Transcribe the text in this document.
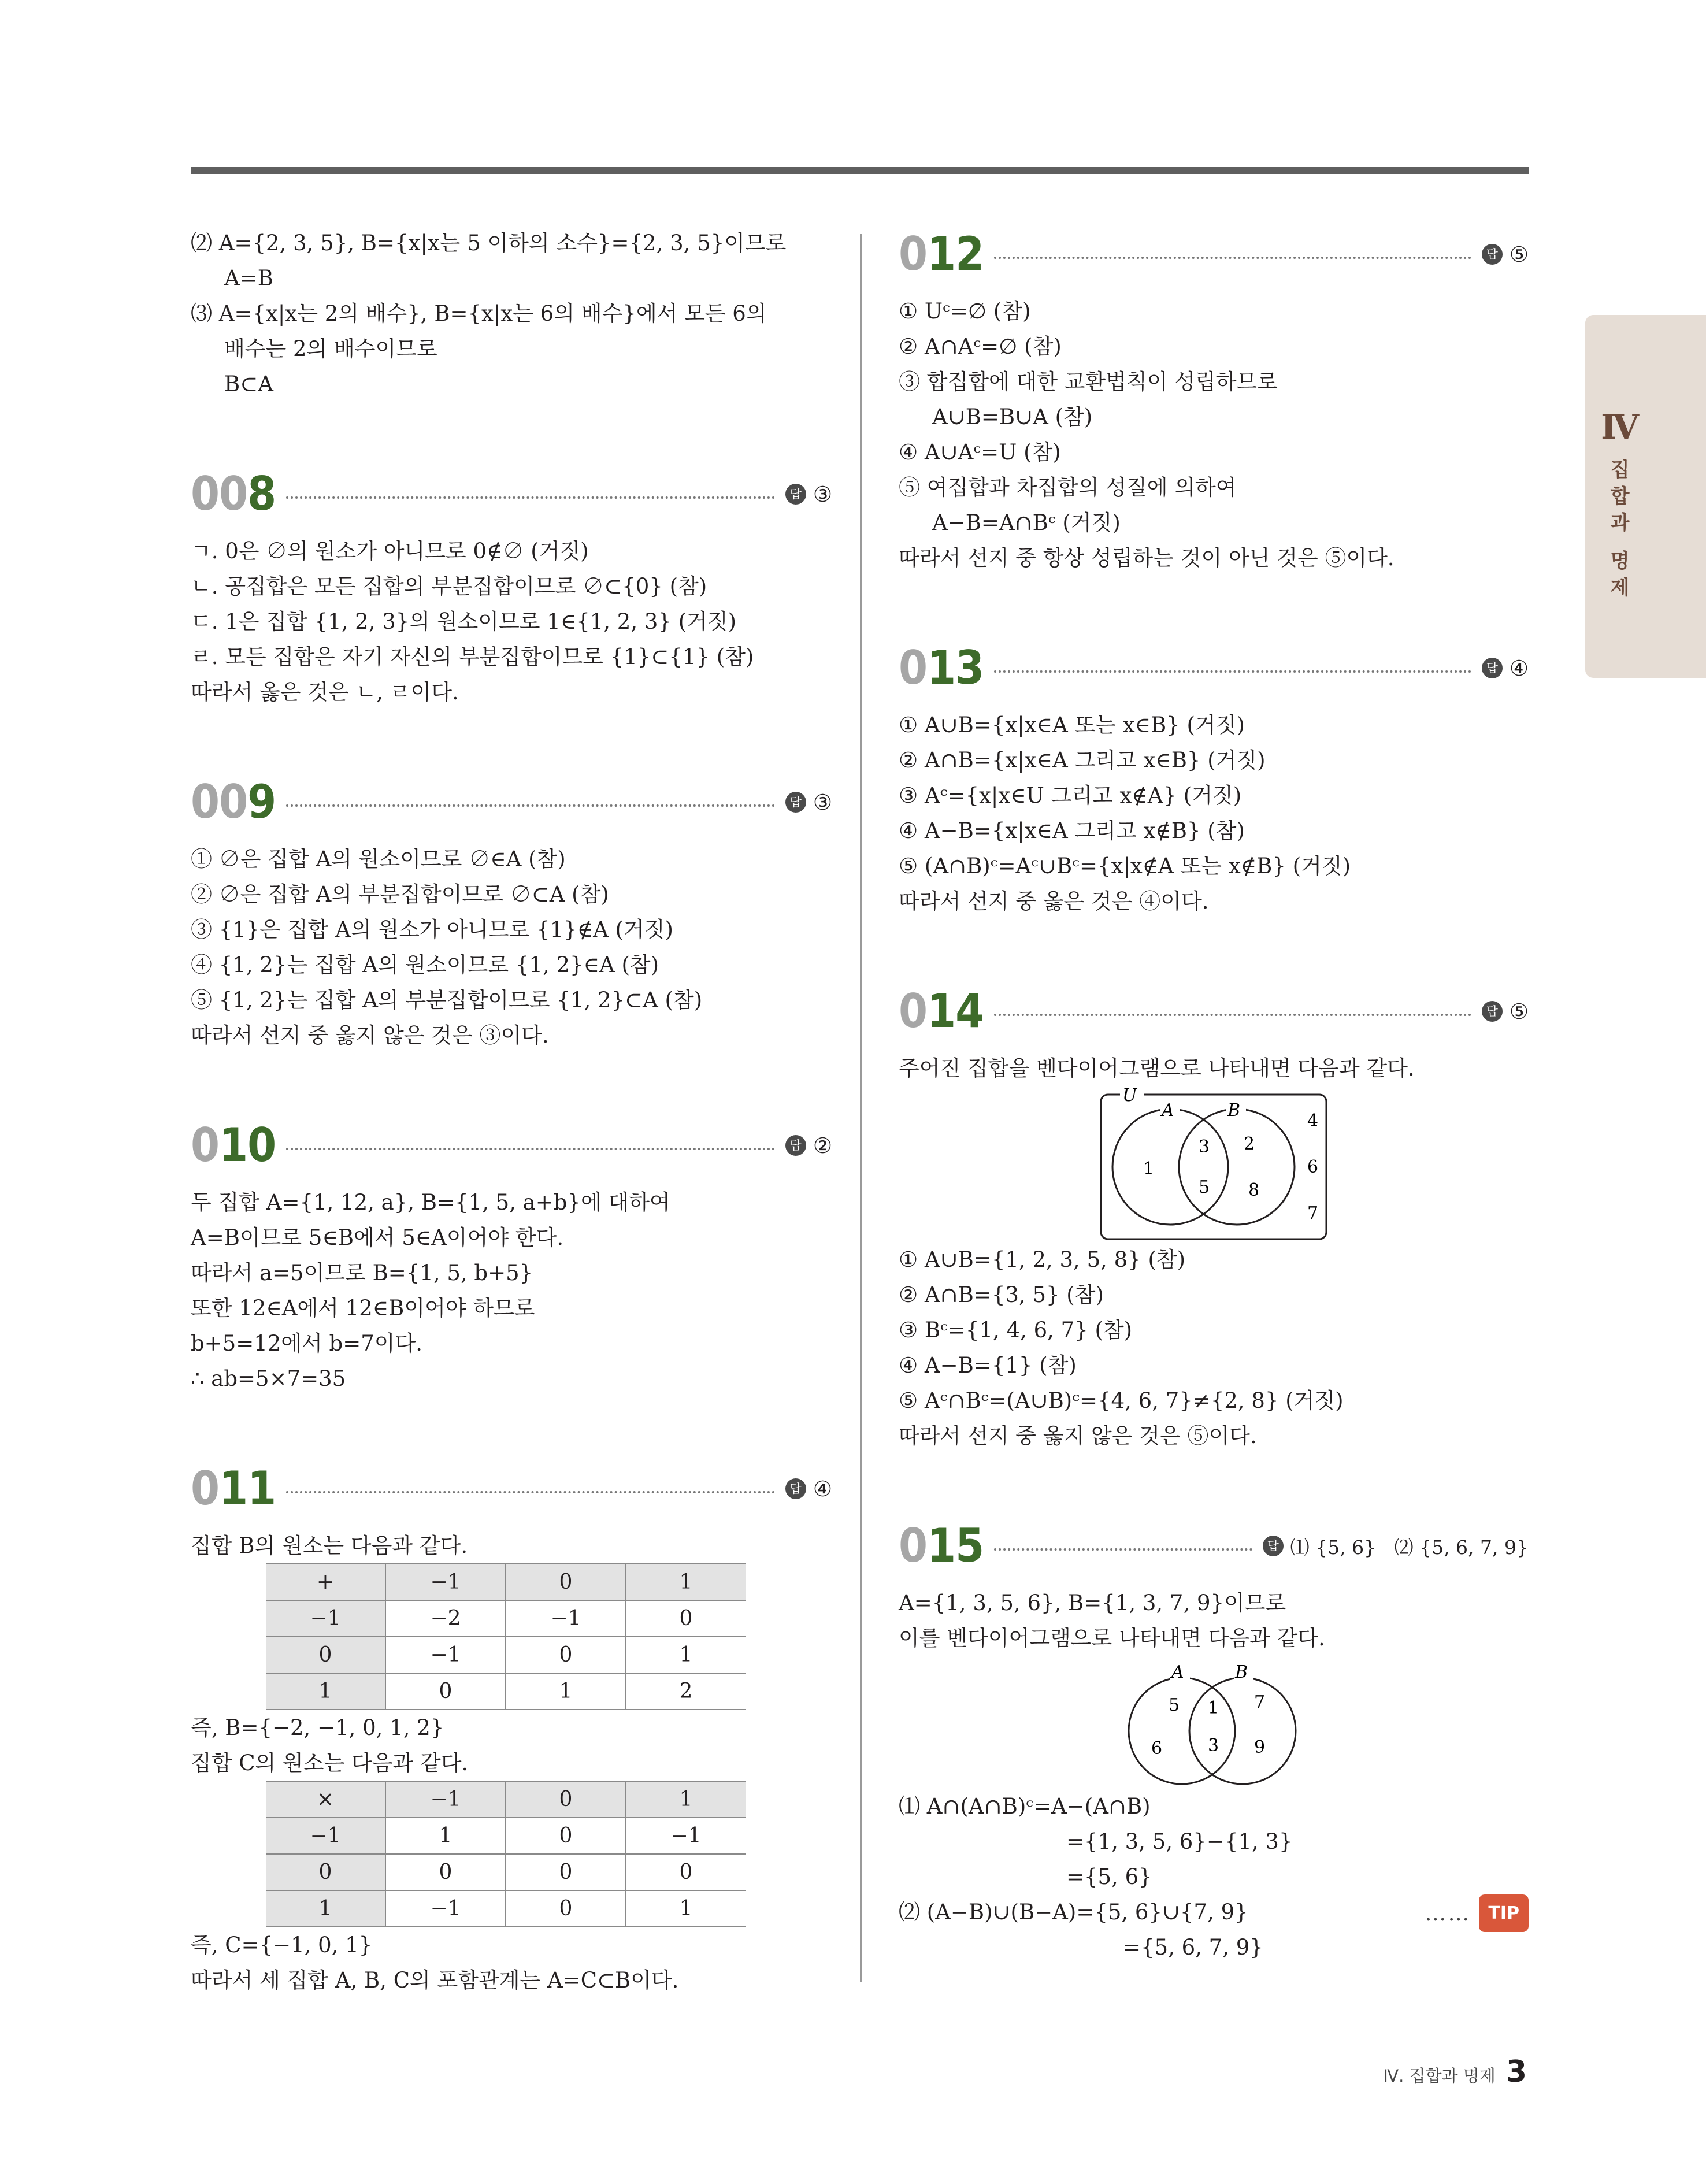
Ⅳ
집
합
과
명
제
⑵ A={2, 3, 5}, B={x|x는 5 이하의 소수}={2, 3, 5}이므로
A=B
⑶ A={x|x는 2의 배수}, B={x|x는 6의 배수}에서 모든 6의
배수는 2의 배수이므로
B⊂A
008	답 ③
ㄱ. 0은 ∅의 원소가 아니므로 0∉∅ (거짓)
ㄴ. 공집합은 모든 집합의 부분집합이므로 ∅⊂{0} (참)
ㄷ. 1은 집합 {1, 2, 3}의 원소이므로 1∈{1, 2, 3} (거짓)
ㄹ. 모든 집합은 자기 자신의 부분집합이므로 {1}⊂{1} (참)
따라서 옳은 것은 ㄴ, ㄹ이다.
009	답 ③
① ∅은 집합 A의 원소이므로 ∅∈A (참)
② ∅은 집합 A의 부분집합이므로 ∅⊂A (참)
③ {1}은 집합 A의 원소가 아니므로 {1}∉A (거짓)
④ {1, 2}는 집합 A의 원소이므로 {1, 2}∈A (참)
⑤ {1, 2}는 집합 A의 부분집합이므로 {1, 2}⊂A (참)
따라서 선지 중 옳지 않은 것은 ③이다.
010	답 ②
두 집합 A={1, 12, a}, B={1, 5, a+b}에 대하여
A=B이므로 5∈B에서 5∈A이어야 한다.
따라서 a=5이므로 B={1, 5, b+5}
또한 12∈A에서 12∈B이어야 하므로
b+5=12에서 b=7이다.
∴ ab=5×7=35
011	답 ④
집합 B의 원소는 다음과 같다.
+	−1	0	1
−1	−2	−1	0
0	−1	0	1
1	0	1	2
즉, B={−2, −1, 0, 1, 2}
집합 C의 원소는 다음과 같다.
×	−1	0	1
−1	1	0	−1
0	0	0	0
1	−1	0	1
즉, C={−1, 0, 1}
따라서 세 집합 A, B, C의 포함관계는 A=C⊂B이다.
012	답 ⑤
① Uᶜ=∅ (참)
② A∩Aᶜ=∅ (참)
③ 합집합에 대한 교환법칙이 성립하므로
A∪B=B∪A (참)
④ A∪Aᶜ=U (참)
⑤ 여집합과 차집합의 성질에 의하여
A−B=A∩Bᶜ (거짓)
따라서 선지 중 항상 성립하는 것이 아닌 것은 ⑤이다.
013	답 ④
① A∪B={x|x∈A 또는 x∈B} (거짓)
② A∩B={x|x∈A 그리고 x∈B} (거짓)
③ Aᶜ={x|x∈U 그리고 x∉A} (거짓)
④ A−B={x|x∈A 그리고 x∉B} (참)
⑤ (A∩B)ᶜ=Aᶜ∪Bᶜ={x|x∉A 또는 x∉B} (거짓)
따라서 선지 중 옳은 것은 ④이다.
014	답 ⑤
주어진 집합을 벤다이어그램으로 나타내면 다음과 같다.
U
A	B
1
3
5
2
8
4
6
7
① A∪B={1, 2, 3, 5, 8} (참)
② A∩B={3, 5} (참)
③ Bᶜ={1, 4, 6, 7} (참)
④ A−B={1} (참)
⑤ Aᶜ∩Bᶜ=(A∪B)ᶜ={4, 6, 7}≠{2, 8} (거짓)
따라서 선지 중 옳지 않은 것은 ⑤이다.
015	답 ⑴ {5, 6}   ⑵ {5, 6, 7, 9}
A={1, 3, 5, 6}, B={1, 3, 7, 9}이므로
이를 벤다이어그램으로 나타내면 다음과 같다.
A	B
5
6
1
3
7
9
⑴ A∩(A∩B)ᶜ=A−(A∩B)
={1, 3, 5, 6}−{1, 3}
={5, 6}
⑵ (A−B)∪(B−A)={5, 6}∪{7, 9}	……	TIP
={5, 6, 7, 9}
Ⅳ. 집합과 명제 3
